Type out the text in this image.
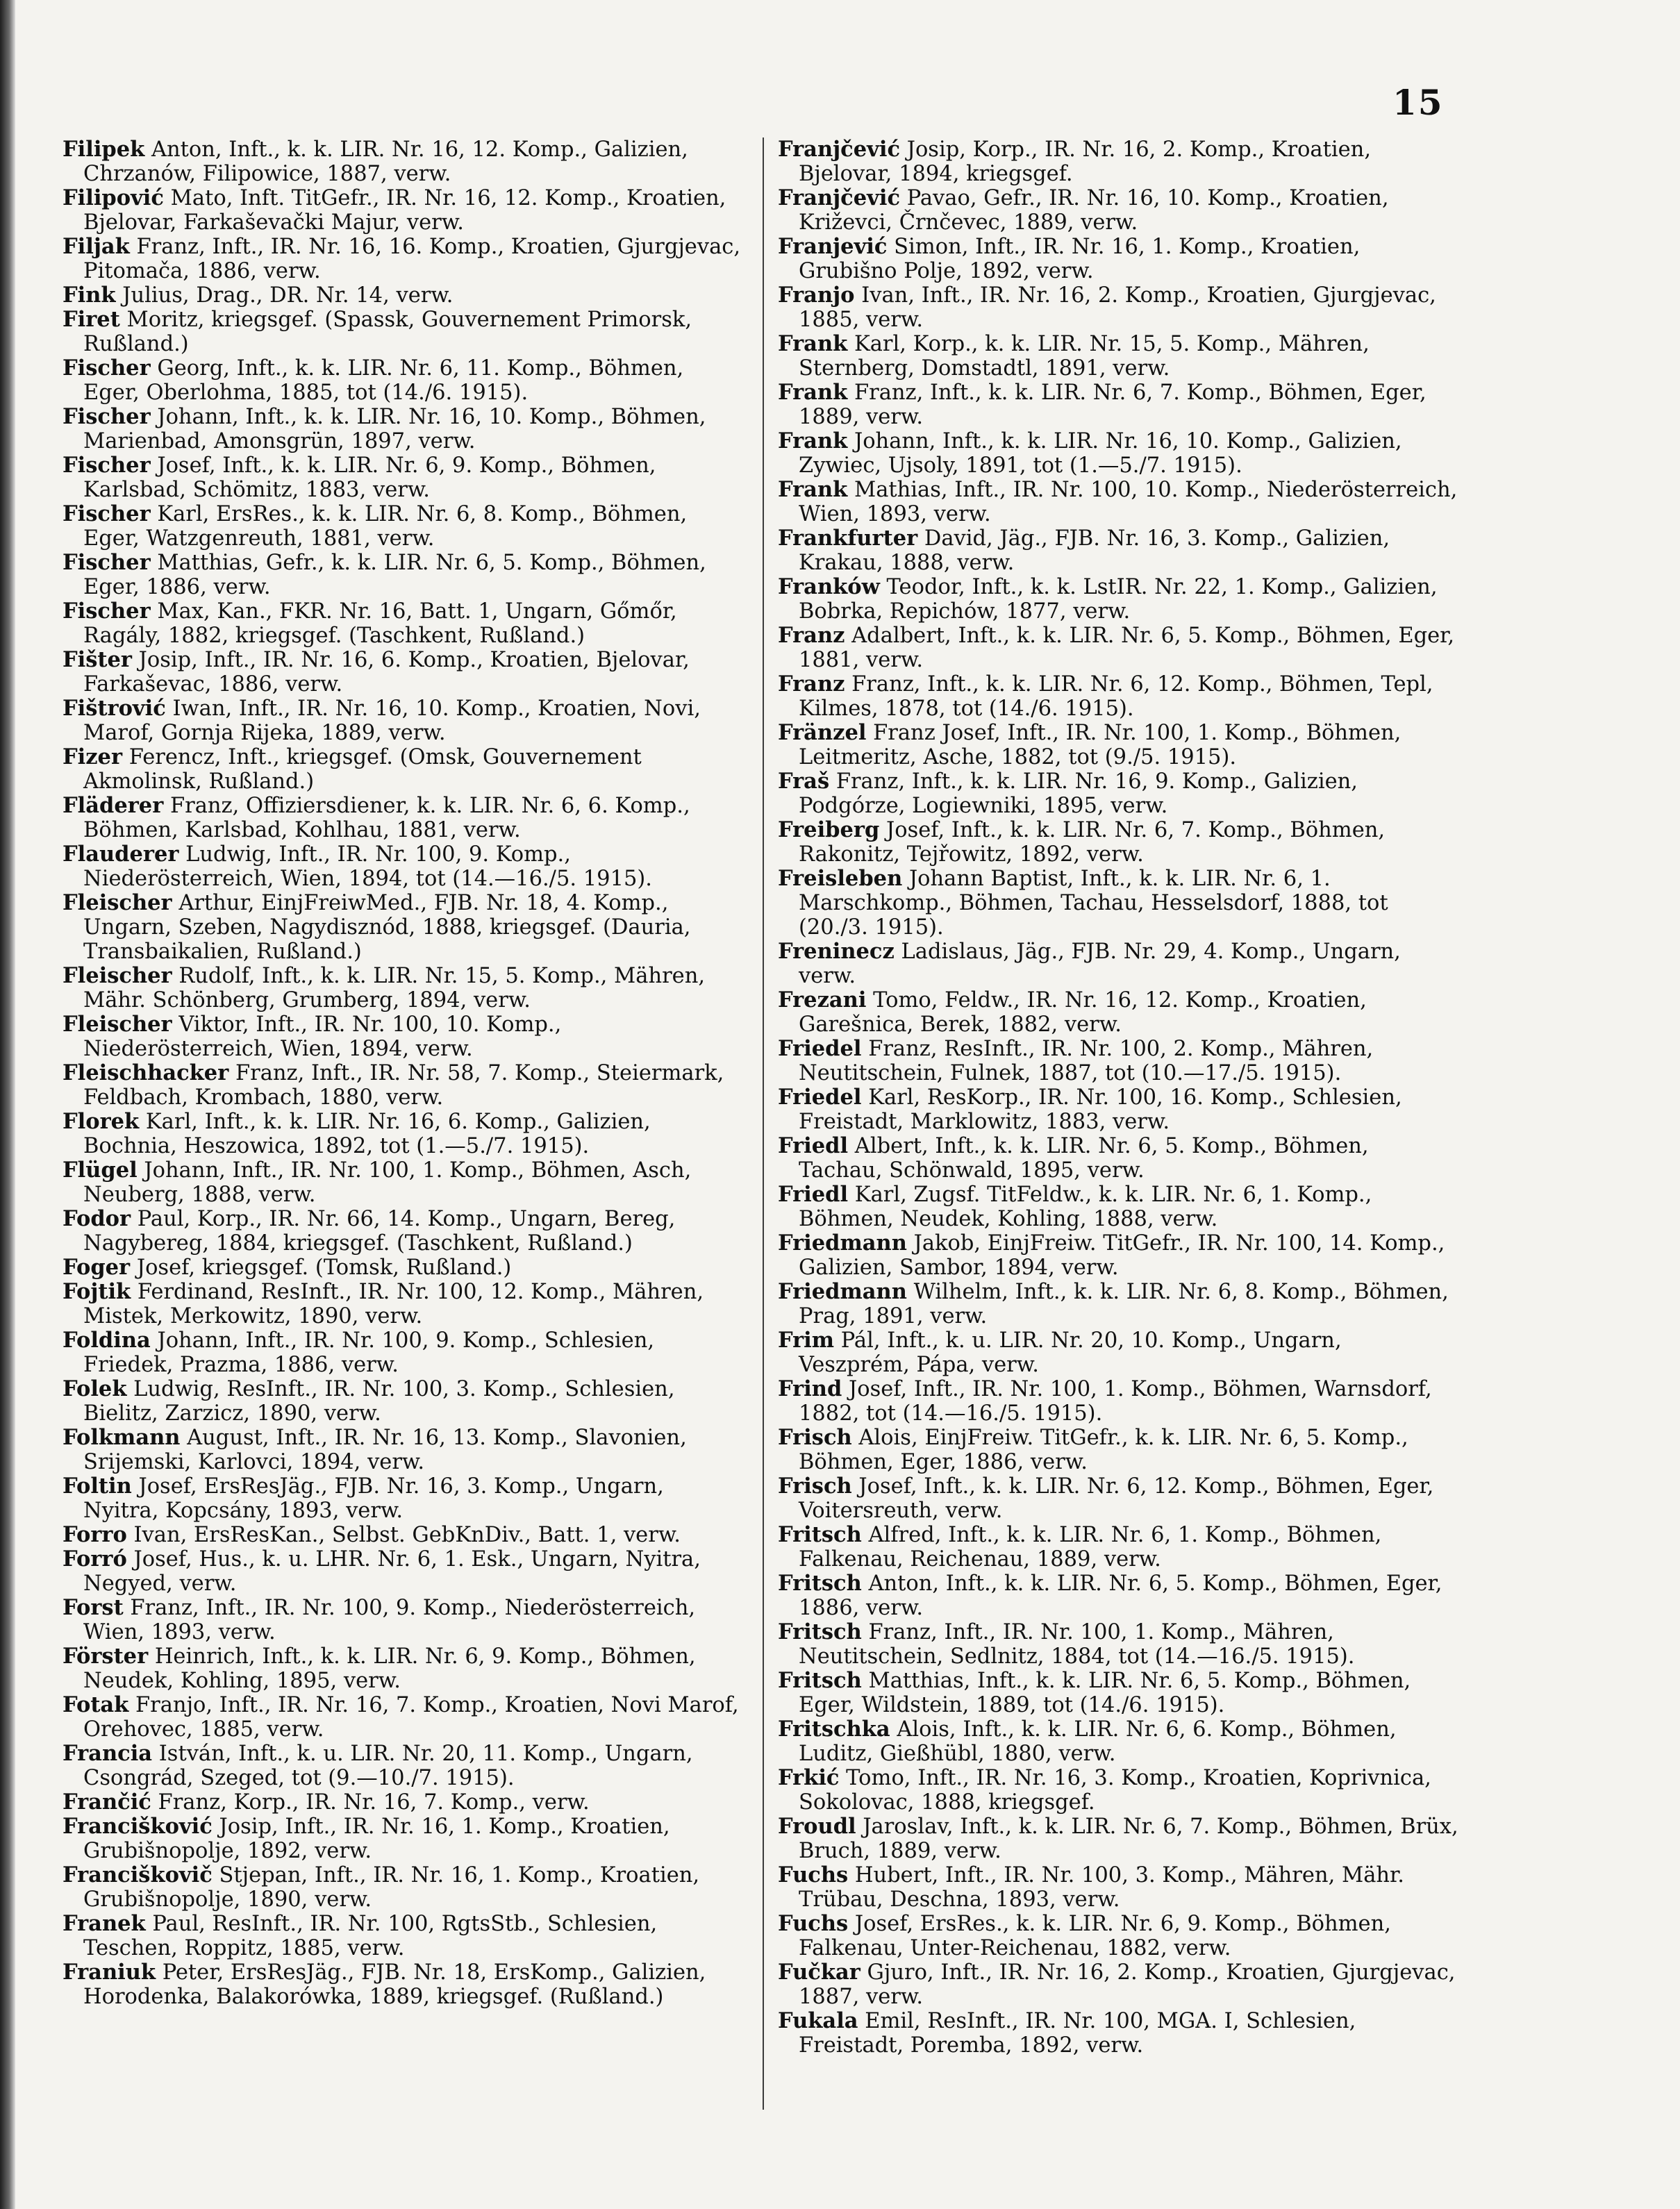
15

Filipek Anton, Inft., k. k. LIR. Nr. 16, 12. Komp., Galizien, Chrzanów, Filipowice, 1887, verw.

Filipović Mato, Inft. TitGefr., IR. Nr. 16, 12. Komp., Kroatien, Bjelovar, Farkaševački Majur, verw.

Filjak Franz, Inft., IR. Nr. 16, 16. Komp., Kroatien, Gjurgjevac, Pitomača, 1886, verw.

Fink Julius, Drag., DR. Nr. 14, verw.

Firet Moritz, kriegsgef. (Spassk, Gouvernement Primorsk, Rußland.)

Fischer Georg, Inft., k. k. LIR. Nr. 6, 11. Komp., Böhmen, Eger, Oberlohma, 1885, tot (14./6. 1915).

Fischer Johann, Inft., k. k. LIR. Nr. 16, 10. Komp., Böhmen, Marienbad, Amonsgrün, 1897, verw.

Fischer Josef, Inft., k. k. LIR. Nr. 6, 9. Komp., Böhmen, Karlsbad, Schömitz, 1883, verw.

Fischer Karl, ErsRes., k. k. LIR. Nr. 6, 8. Komp., Böhmen, Eger, Watzgenreuth, 1881, verw.

Fischer Matthias, Gefr., k. k. LIR. Nr. 6, 5. Komp., Böhmen, Eger, 1886, verw.

Fischer Max, Kan., FKR. Nr. 16, Batt. 1, Ungarn, Gőmőr, Ragály, 1882, kriegsgef. (Taschkent, Rußland.)

Fišter Josip, Inft., IR. Nr. 16, 6. Komp., Kroatien, Bjelovar, Farkaševac, 1886, verw.

Fištrović Iwan, Inft., IR. Nr. 16, 10. Komp., Kroatien, Novi, Marof, Gornja Rijeka, 1889, verw.

Fizer Ferencz, Inft., kriegsgef. (Omsk, Gouvernement Akmolinsk, Rußland.)

Fläderer Franz, Offiziersdiener, k. k. LIR. Nr. 6, 6. Komp., Böhmen, Karlsbad, Kohlhau, 1881, verw.

Flauderer Ludwig, Inft., IR. Nr. 100, 9. Komp., Niederösterreich, Wien, 1894, tot (14.—16./5. 1915).

Fleischer Arthur, EinjFreiwMed., FJB. Nr. 18, 4. Komp., Ungarn, Szeben, Nagydisznód, 1888, kriegsgef. (Dauria, Transbaikalien, Rußland.)

Fleischer Rudolf, Inft., k. k. LIR. Nr. 15, 5. Komp., Mähren, Mähr. Schönberg, Grumberg, 1894, verw.

Fleischer Viktor, Inft., IR. Nr. 100, 10. Komp., Niederösterreich, Wien, 1894, verw.

Fleischhacker Franz, Inft., IR. Nr. 58, 7. Komp., Steiermark, Feldbach, Krombach, 1880, verw.

Florek Karl, Inft., k. k. LIR. Nr. 16, 6. Komp., Galizien, Bochnia, Heszowica, 1892, tot (1.—5./7. 1915).

Flügel Johann, Inft., IR. Nr. 100, 1. Komp., Böhmen, Asch, Neuberg, 1888, verw.

Fodor Paul, Korp., IR. Nr. 66, 14. Komp., Ungarn, Bereg, Nagybereg, 1884, kriegsgef. (Taschkent, Rußland.)

Foger Josef, kriegsgef. (Tomsk, Rußland.)

Fojtik Ferdinand, ResInft., IR. Nr. 100, 12. Komp., Mähren, Mistek, Merkowitz, 1890, verw.

Foldina Johann, Inft., IR. Nr. 100, 9. Komp., Schlesien, Friedek, Prazma, 1886, verw.

Folek Ludwig, ResInft., IR. Nr. 100, 3. Komp., Schlesien, Bielitz, Zarzicz, 1890, verw.

Folkmann August, Inft., IR. Nr. 16, 13. Komp., Slavonien, Srijemski, Karlovci, 1894, verw.

Foltin Josef, ErsResJäg., FJB. Nr. 16, 3. Komp., Ungarn, Nyitra, Kopcsány, 1893, verw.

Forro Ivan, ErsResKan., Selbst. GebKnDiv., Batt. 1, verw.

Forró Josef, Hus., k. u. LHR. Nr. 6, 1. Esk., Ungarn, Nyitra, Negyed, verw.

Forst Franz, Inft., IR. Nr. 100, 9. Komp., Niederösterreich, Wien, 1893, verw.

Förster Heinrich, Inft., k. k. LIR. Nr. 6, 9. Komp., Böhmen, Neudek, Kohling, 1895, verw.

Fotak Franjo, Inft., IR. Nr. 16, 7. Komp., Kroatien, Novi Marof, Orehovec, 1885, verw.

Francia István, Inft., k. u. LIR. Nr. 20, 11. Komp., Ungarn, Csongrád, Szeged, tot (9.—10./7. 1915).

Frančić Franz, Korp., IR. Nr. 16, 7. Komp., verw.

Francišković Josip, Inft., IR. Nr. 16, 1. Komp., Kroatien, Grubišnopolje, 1892, verw.

Franciškovič Stjepan, Inft., IR. Nr. 16, 1. Komp., Kroatien, Grubišnopolje, 1890, verw.

Franek Paul, ResInft., IR. Nr. 100, RgtsStb., Schlesien, Teschen, Roppitz, 1885, verw.

Franiuk Peter, ErsResJäg., FJB. Nr. 18, ErsKomp., Galizien, Horodenka, Balakorówka, 1889, kriegsgef. (Rußland.)

Franjčević Josip, Korp., IR. Nr. 16, 2. Komp., Kroatien, Bjelovar, 1894, kriegsgef.

Franjčević Pavao, Gefr., IR. Nr. 16, 10. Komp., Kroatien, Križevci, Črnčevec, 1889, verw.

Franjević Simon, Inft., IR. Nr. 16, 1. Komp., Kroatien, Grubišno Polje, 1892, verw.

Franjo Ivan, Inft., IR. Nr. 16, 2. Komp., Kroatien, Gjurgjevac, 1885, verw.

Frank Karl, Korp., k. k. LIR. Nr. 15, 5. Komp., Mähren, Sternberg, Domstadtl, 1891, verw.

Frank Franz, Inft., k. k. LIR. Nr. 6, 7. Komp., Böhmen, Eger, 1889, verw.

Frank Johann, Inft., k. k. LIR. Nr. 16, 10. Komp., Galizien, Zywiec, Ujsoly, 1891, tot (1.—5./7. 1915).

Frank Mathias, Inft., IR. Nr. 100, 10. Komp., Niederösterreich, Wien, 1893, verw.

Frankfurter David, Jäg., FJB. Nr. 16, 3. Komp., Galizien, Krakau, 1888, verw.

Franków Teodor, Inft., k. k. LstIR. Nr. 22, 1. Komp., Galizien, Bobrka, Repichów, 1877, verw.

Franz Adalbert, Inft., k. k. LIR. Nr. 6, 5. Komp., Böhmen, Eger, 1881, verw.

Franz Franz, Inft., k. k. LIR. Nr. 6, 12. Komp., Böhmen, Tepl, Kilmes, 1878, tot (14./6. 1915).

Fränzel Franz Josef, Inft., IR. Nr. 100, 1. Komp., Böhmen, Leitmeritz, Asche, 1882, tot (9./5. 1915).

Fraš Franz, Inft., k. k. LIR. Nr. 16, 9. Komp., Galizien, Podgórze, Logiewniki, 1895, verw.

Freiberg Josef, Inft., k. k. LIR. Nr. 6, 7. Komp., Böhmen, Rakonitz, Tejřowitz, 1892, verw.

Freisleben Johann Baptist, Inft., k. k. LIR. Nr. 6, 1. Marschkomp., Böhmen, Tachau, Hesselsdorf, 1888, tot (20./3. 1915).

Freninecz Ladislaus, Jäg., FJB. Nr. 29, 4. Komp., Ungarn, verw.

Frezani Tomo, Feldw., IR. Nr. 16, 12. Komp., Kroatien, Garešnica, Berek, 1882, verw.

Friedel Franz, ResInft., IR. Nr. 100, 2. Komp., Mähren, Neutitschein, Fulnek, 1887, tot (10.—17./5. 1915).

Friedel Karl, ResKorp., IR. Nr. 100, 16. Komp., Schlesien, Freistadt, Marklowitz, 1883, verw.

Friedl Albert, Inft., k. k. LIR. Nr. 6, 5. Komp., Böhmen, Tachau, Schönwald, 1895, verw.

Friedl Karl, Zugsf. TitFeldw., k. k. LIR. Nr. 6, 1. Komp., Böhmen, Neudek, Kohling, 1888, verw.

Friedmann Jakob, EinjFreiw. TitGefr., IR. Nr. 100, 14. Komp., Galizien, Sambor, 1894, verw.

Friedmann Wilhelm, Inft., k. k. LIR. Nr. 6, 8. Komp., Böhmen, Prag, 1891, verw.

Frim Pál, Inft., k. u. LIR. Nr. 20, 10. Komp., Ungarn, Veszprém, Pápa, verw.

Frind Josef, Inft., IR. Nr. 100, 1. Komp., Böhmen, Warnsdorf, 1882, tot (14.—16./5. 1915).

Frisch Alois, EinjFreiw. TitGefr., k. k. LIR. Nr. 6, 5. Komp., Böhmen, Eger, 1886, verw.

Frisch Josef, Inft., k. k. LIR. Nr. 6, 12. Komp., Böhmen, Eger, Voitersreuth, verw.

Fritsch Alfred, Inft., k. k. LIR. Nr. 6, 1. Komp., Böhmen, Falkenau, Reichenau, 1889, verw.

Fritsch Anton, Inft., k. k. LIR. Nr. 6, 5. Komp., Böhmen, Eger, 1886, verw.

Fritsch Franz, Inft., IR. Nr. 100, 1. Komp., Mähren, Neutitschein, Sedlnitz, 1884, tot (14.—16./5. 1915).

Fritsch Matthias, Inft., k. k. LIR. Nr. 6, 5. Komp., Böhmen, Eger, Wildstein, 1889, tot (14./6. 1915).

Fritschka Alois, Inft., k. k. LIR. Nr. 6, 6. Komp., Böhmen, Luditz, Gießhübl, 1880, verw.

Frkić Tomo, Inft., IR. Nr. 16, 3. Komp., Kroatien, Koprivnica, Sokolovac, 1888, kriegsgef.

Froudl Jaroslav, Inft., k. k. LIR. Nr. 6, 7. Komp., Böhmen, Brüx, Bruch, 1889, verw.

Fuchs Hubert, Inft., IR. Nr. 100, 3. Komp., Mähren, Mähr. Trübau, Deschna, 1893, verw.

Fuchs Josef, ErsRes., k. k. LIR. Nr. 6, 9. Komp., Böhmen, Falkenau, Unter-Reichenau, 1882, verw.

Fučkar Gjuro, Inft., IR. Nr. 16, 2. Komp., Kroatien, Gjurgjevac, 1887, verw.

Fukala Emil, ResInft., IR. Nr. 100, MGA. I, Schlesien, Freistadt, Poremba, 1892, verw.
